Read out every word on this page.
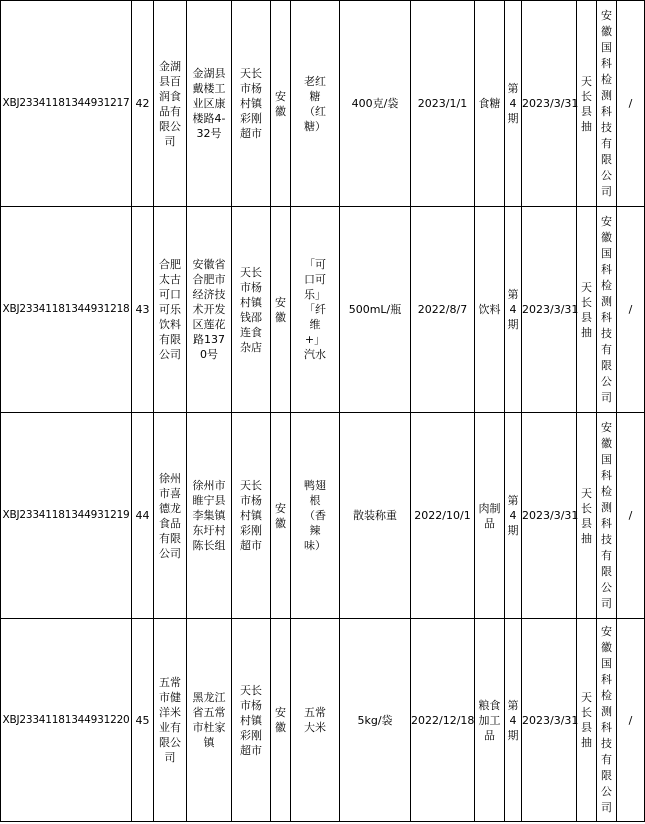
XBJ23341181344931217	42	金湖县百润食品有限公司	金湖县戴楼工业区康楼路4-32号	天长市杨村镇彩刚超市	安徽	老红糖（红糖）	400克/袋	2023/1/1	食糖	第4期	2023/3/31	天长县抽	安徽国科检测科技有限公司	/
XBJ23341181344931218	43	合肥太古可口可乐饮料有限公司	安徽省合肥市经济技术开发区莲花路1370号	天长市杨村镇钱邵连食杂店	安徽	「可口可乐」「纤维+」汽水	500mL/瓶	2022/8/7	饮料	第4期	2023/3/31	天长县抽	安徽国科检测科技有限公司	/
XBJ23341181344931219	44	徐州市喜德龙食品有限公司	徐州市睢宁县李集镇东圩村陈长组	天长市杨村镇彩刚超市	安徽	鸭翅根（香辣味）	散装称重	2022/10/1	肉制品	第4期	2023/3/31	天长县抽	安徽国科检测科技有限公司	/
XBJ23341181344931220	45	五常市健洋米业有限公司	黑龙江省五常市杜家镇	天长市杨村镇彩刚超市	安徽	五常大米	5kg/袋	2022/12/18	粮食加工品	第4期	2023/3/31	天长县抽	安徽国科检测科技有限公司	/
